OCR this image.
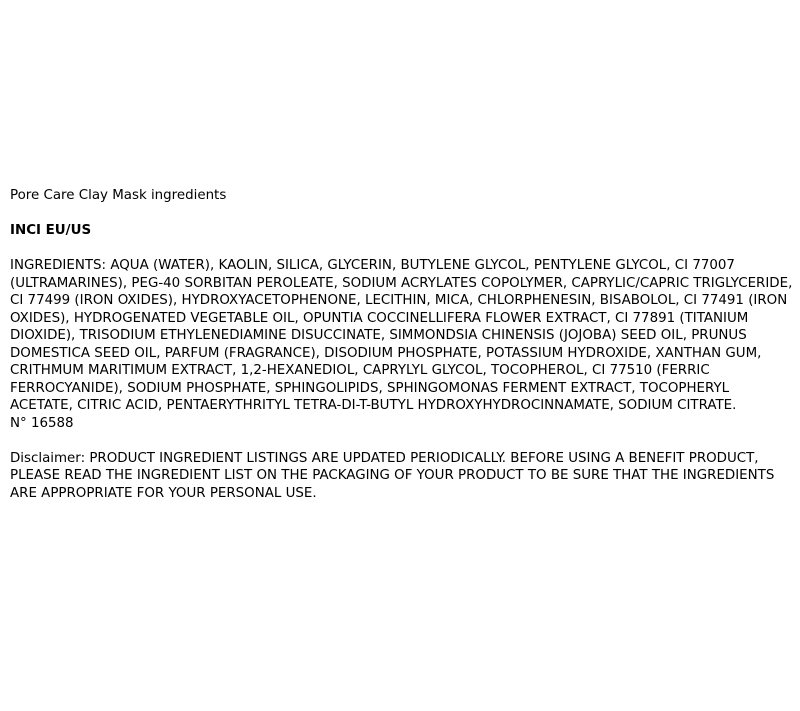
Pore Care Clay Mask ingredients

INCI EU/US

INGREDIENTS: AQUA (WATER), KAOLIN, SILICA, GLYCERIN, BUTYLENE GLYCOL, PENTYLENE GLYCOL, CI 77007 (ULTRAMARINES), PEG-40 SORBITAN PEROLEATE, SODIUM ACRYLATES COPOLYMER, CAPRYLIC/CAPRIC TRIGLYCERIDE, CI 77499 (IRON OXIDES), HYDROXYACETOPHENONE, LECITHIN, MICA, CHLORPHENESIN, BISABOLOL, CI 77491 (IRON OXIDES), HYDROGENATED VEGETABLE OIL, OPUNTIA COCCINELLIFERA FLOWER EXTRACT, CI 77891 (TITANIUM DIOXIDE), TRISODIUM ETHYLENEDIAMINE DISUCCINATE, SIMMONDSIA CHINENSIS (JOJOBA) SEED OIL, PRUNUS DOMESTICA SEED OIL, PARFUM (FRAGRANCE), DISODIUM PHOSPHATE, POTASSIUM HYDROXIDE, XANTHAN GUM, CRITHMUM MARITIMUM EXTRACT, 1,2-HEXANEDIOL, CAPRYLYL GLYCOL, TOCOPHEROL, CI 77510 (FERRIC FERROCYANIDE), SODIUM PHOSPHATE, SPHINGOLIPIDS, SPHINGOMONAS FERMENT EXTRACT, TOCOPHERYL ACETATE, CITRIC ACID, PENTAERYTHRITYL TETRA-DI-T-BUTYL HYDROXYHYDROCINNAMATE, SODIUM CITRATE.
N° 16588

Disclaimer: PRODUCT INGREDIENT LISTINGS ARE UPDATED PERIODICALLY. BEFORE USING A BENEFIT PRODUCT, PLEASE READ THE INGREDIENT LIST ON THE PACKAGING OF YOUR PRODUCT TO BE SURE THAT THE INGREDIENTS ARE APPROPRIATE FOR YOUR PERSONAL USE.
